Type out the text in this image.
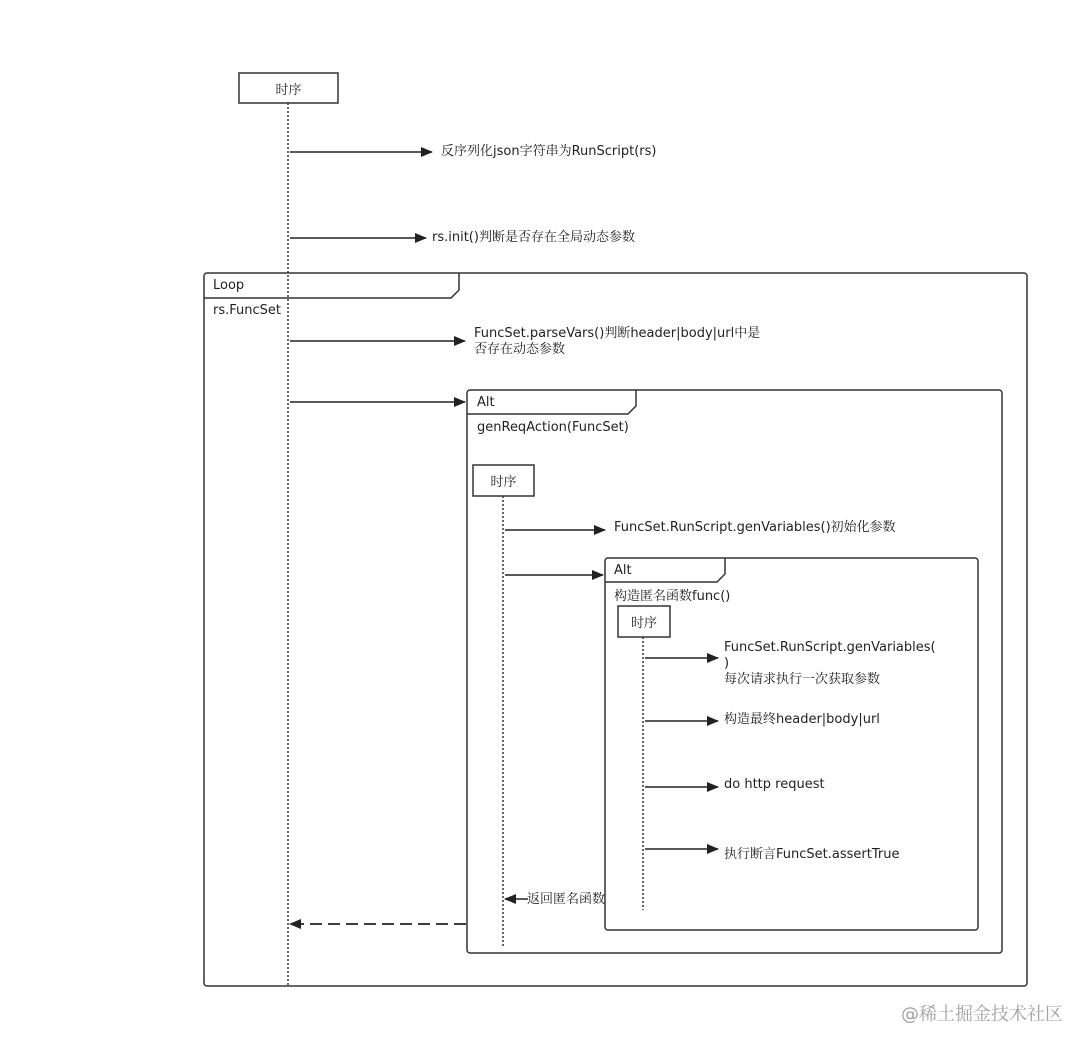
时序
时序
时序
Loop
rs.FuncSet
Alt
genReqAction(FuncSet)
Alt
构造匿名函数func()
反序列化json字符串为RunScript(rs)
rs.init()判断是否存在全局动态参数
FuncSet.parseVars()判断header|body|url中是
否存在动态参数
FuncSet.RunScript.genVariables()初始化参数
FuncSet.RunScript.genVariables(
)
每次请求执行一次获取参数
构造最终header|body|url
do http request
执行断言FuncSet.assertTrue
返回匿名函数
@稀土掘金技术社区
